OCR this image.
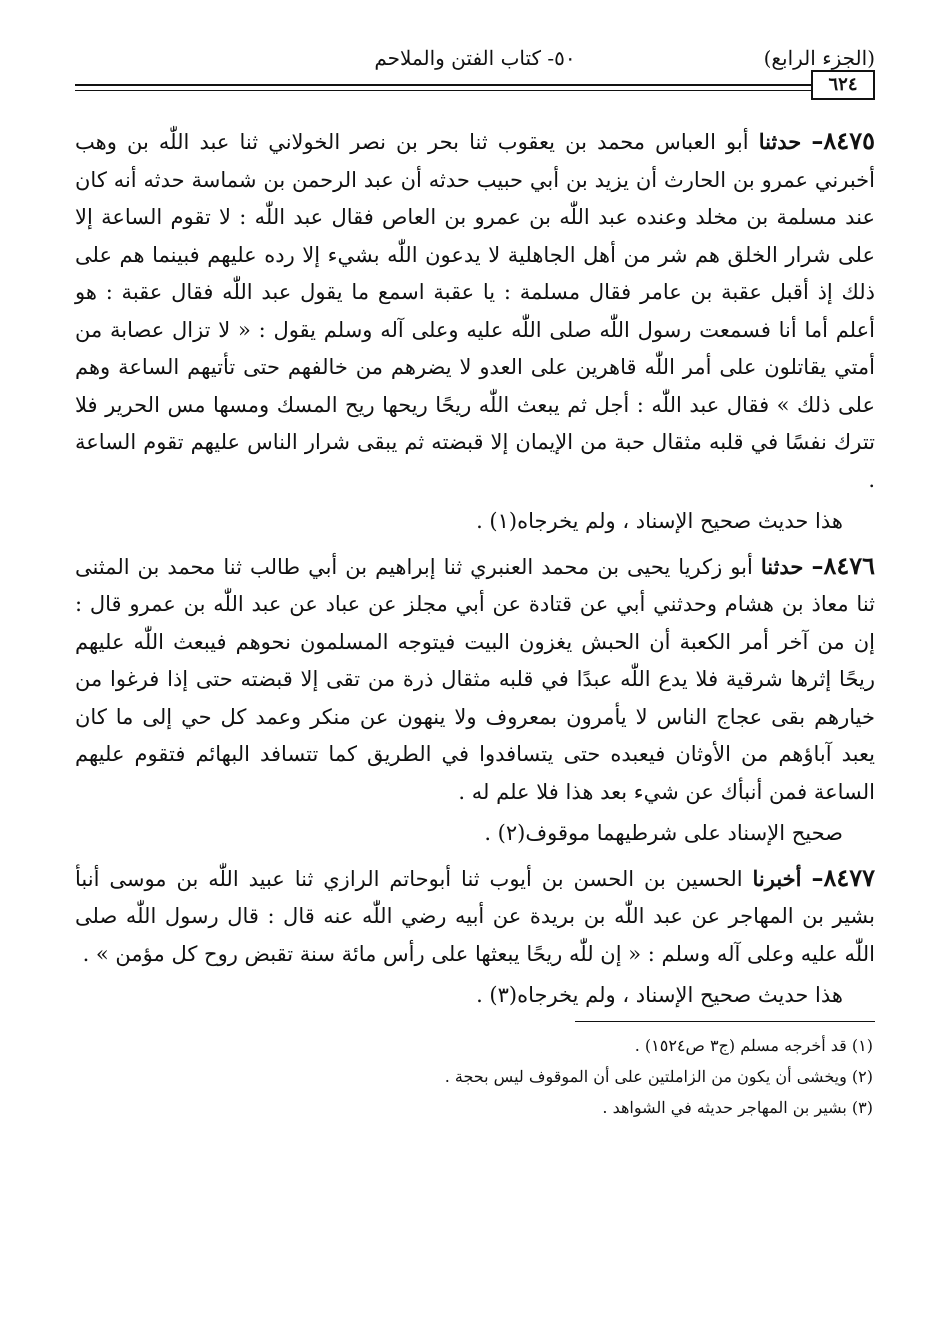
(الجزء الرابع)
٥٠- كتاب الفتن والملاحم
٦٢٤

٨٤٧٥– حدثنا أبو العباس محمد بن يعقوب ثنا بحر بن نصر الخولاني ثنا عبد اللّٰه بن وهب أخبرني عمرو بن الحارث أن يزيد بن أبي حبيب حدثه أن عبد الرحمن بن شماسة حدثه أنه كان عند مسلمة بن مخلد وعنده عبد اللّٰه بن عمرو بن العاص فقال عبد اللّٰه : لا تقوم الساعة إلا على شرار الخلق هم شر من أهل الجاهلية لا يدعون اللّٰه بشيء إلا رده عليهم فبينما هم على ذلك إذ أقبل عقبة بن عامر فقال مسلمة : يا عقبة اسمع ما يقول عبد اللّٰه فقال عقبة : هو أعلم أما أنا فسمعت رسول اللّٰه صلى اللّٰه عليه وعلى آله وسلم يقول : « لا تزال عصابة من أمتي يقاتلون على أمر اللّٰه قاهرين على العدو لا يضرهم من خالفهم حتى تأتيهم الساعة وهم على ذلك » فقال عبد اللّٰه : أجل ثم يبعث اللّٰه ريحًا ريحها ريح المسك ومسها مس الحرير فلا تترك نفسًا في قلبه مثقال حبة من الإيمان إلا قبضته ثم يبقى شرار الناس عليهم تقوم الساعة .

هذا حديث صحيح الإسناد ، ولم يخرجاه(١) .

٨٤٧٦– حدثنا أبو زكريا يحيى بن محمد العنبري ثنا إبراهيم بن أبي طالب ثنا محمد بن المثنى ثنا معاذ بن هشام وحدثني أبي عن قتادة عن أبي مجلز عن عباد عن عبد اللّٰه بن عمرو قال : إن من آخر أمر الكعبة أن الحبش يغزون البيت فيتوجه المسلمون نحوهم فيبعث اللّٰه عليهم ريحًا إثرها شرقية فلا يدع اللّٰه عبدًا في قلبه مثقال ذرة من تقى إلا قبضته حتى إذا فرغوا من خيارهم بقى عجاج الناس لا يأمرون بمعروف ولا ينهون عن منكر وعمد كل حي إلى ما كان يعبد آباؤهم من الأوثان فيعبده حتى يتسافدوا في الطريق كما تتسافد البهائم فتقوم عليهم الساعة فمن أنبأك عن شيء بعد هذا فلا علم له .

صحيح الإسناد على شرطيهما موقوف(٢) .

٨٤٧٧– أخبرنا الحسين بن الحسن بن أيوب ثنا أبوحاتم الرازي ثنا عبيد اللّٰه بن موسى أنبأ بشير بن المهاجر عن عبد اللّٰه بن بريدة عن أبيه رضي اللّٰه عنه قال : قال رسول اللّٰه صلى اللّٰه عليه وعلى آله وسلم : « إن للّٰه ريحًا يبعثها على رأس مائة سنة تقبض روح كل مؤمن » .

هذا حديث صحيح الإسناد ، ولم يخرجاه(٣) .

(١) قد أخرجه مسلم (ج٣ ص١٥٢٤) .
(٢) ويخشى أن يكون من الزاملتين على أن الموقوف ليس بحجة .
(٣) بشير بن المهاجر حديثه في الشواهد .
